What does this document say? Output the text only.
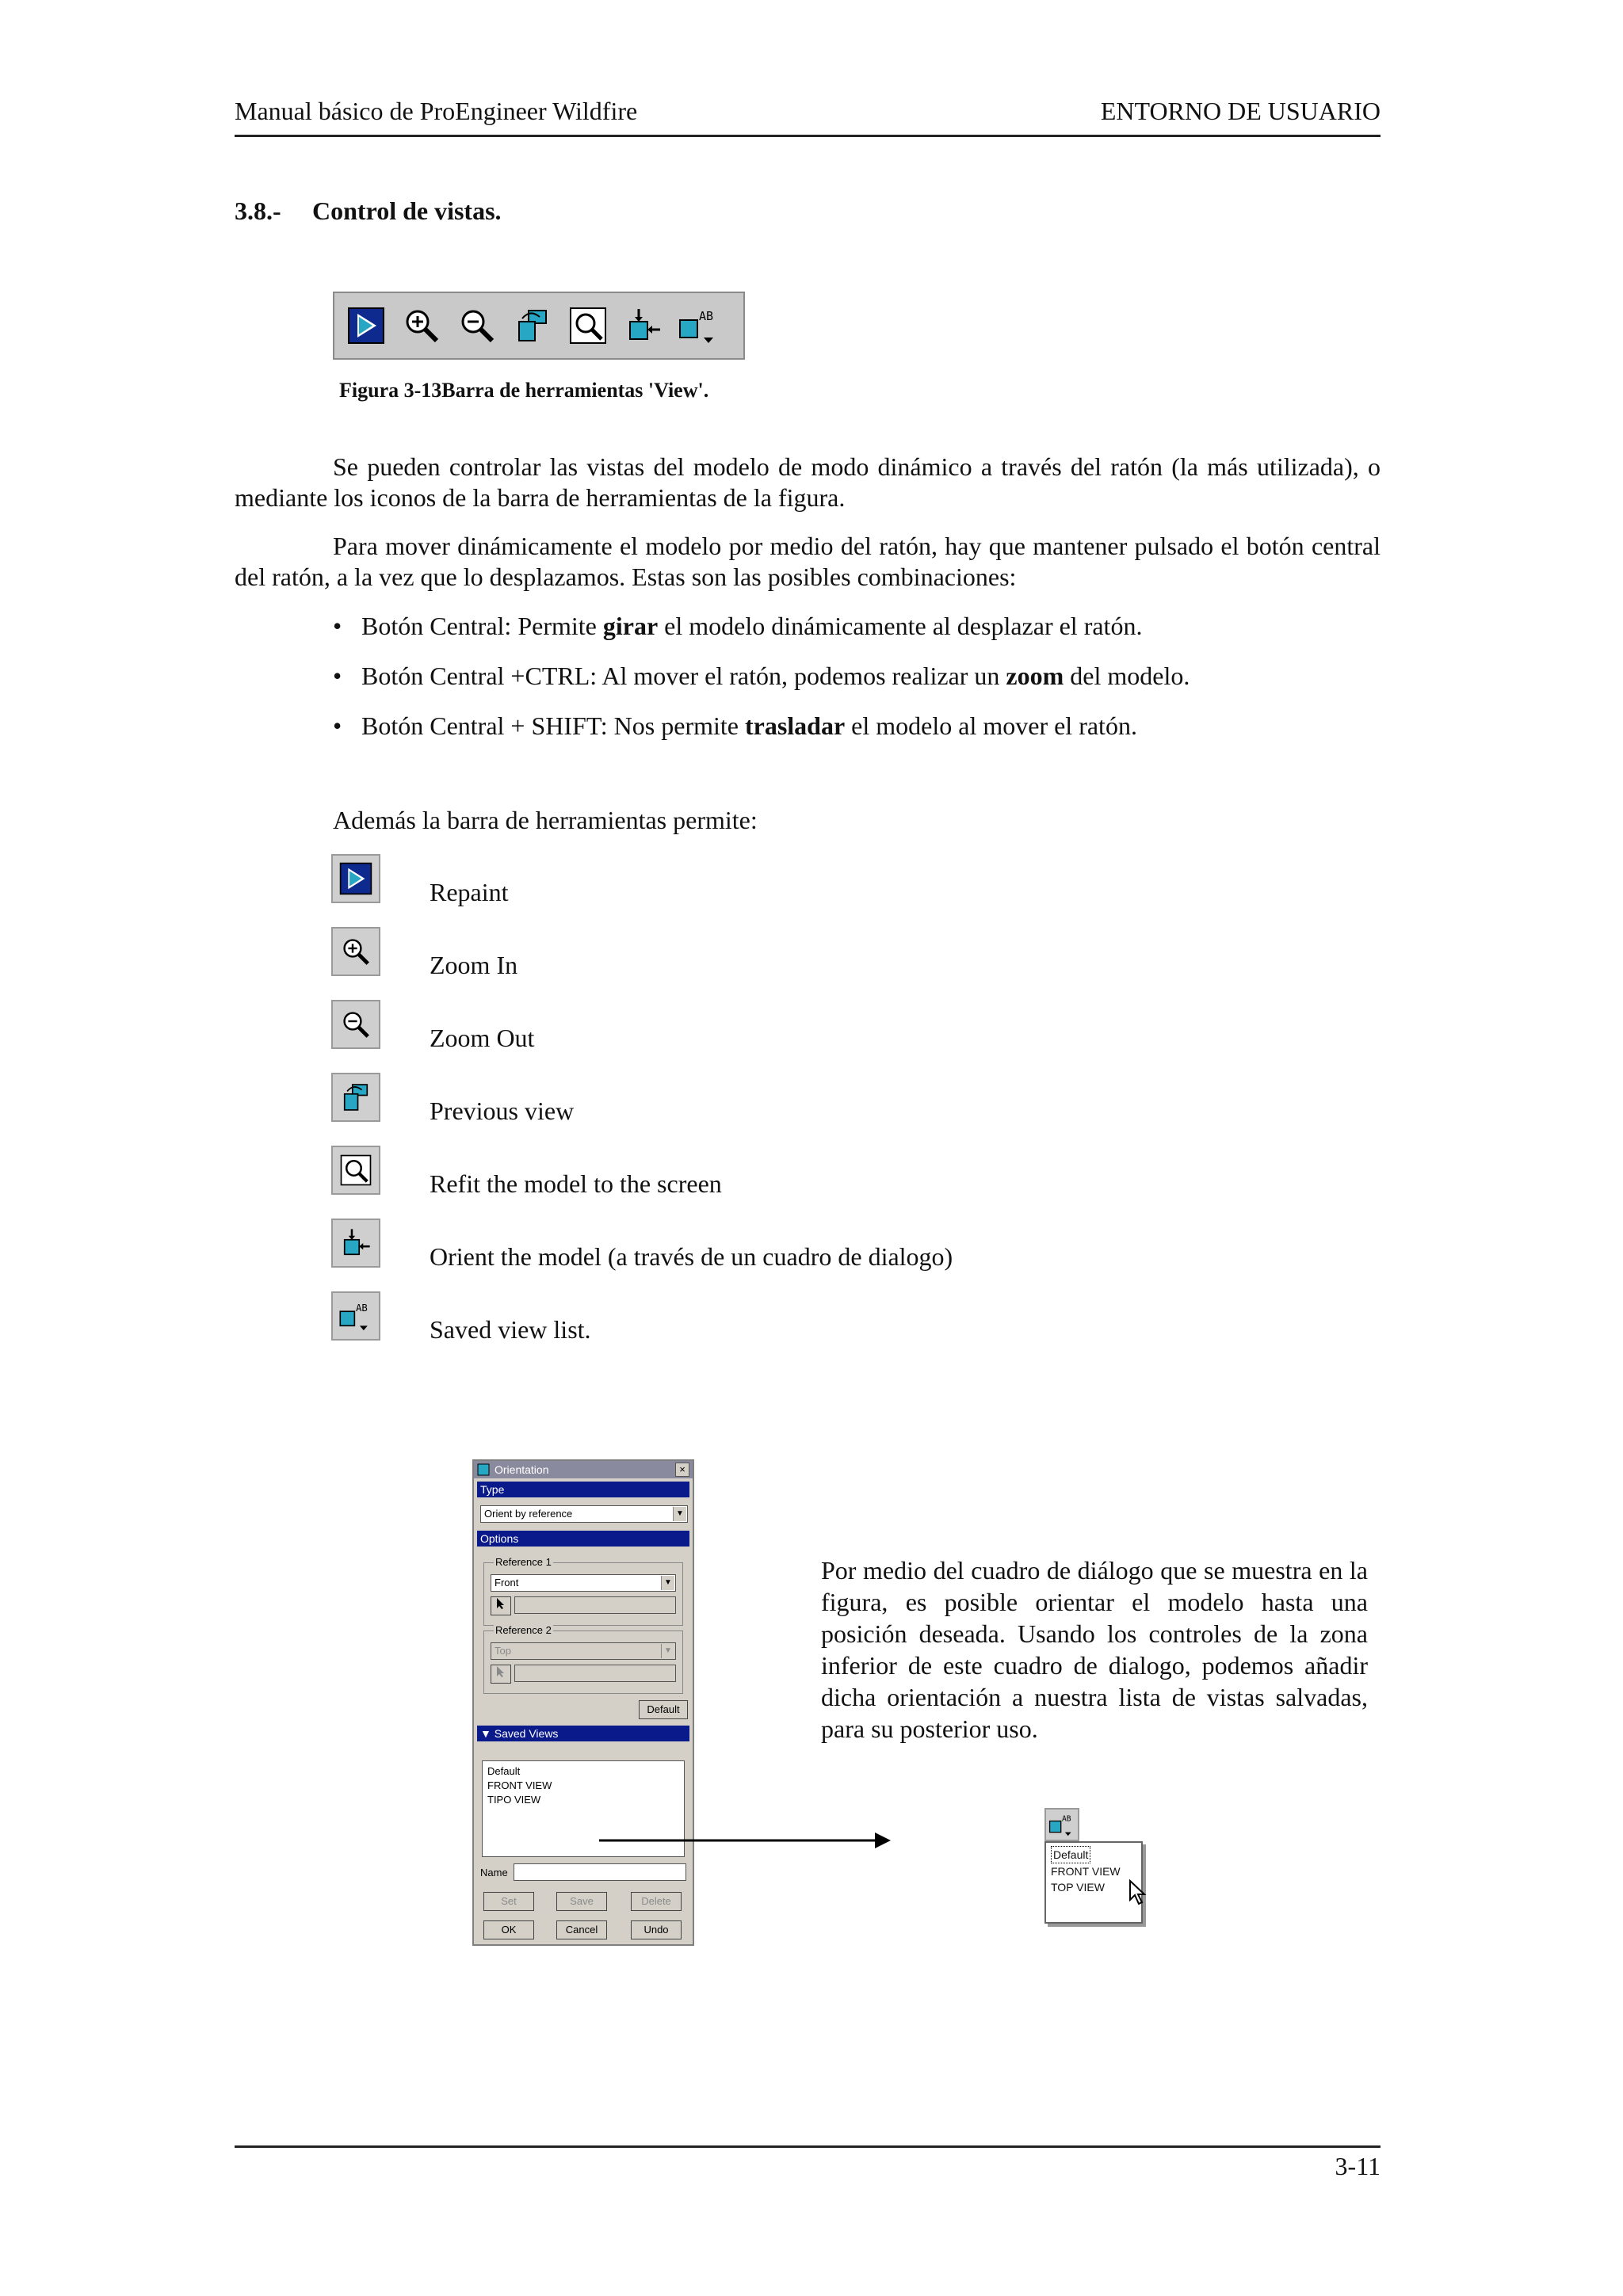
Manual básico de ProEngineer Wildfire	ENTORNO DE USUARIO
3.8.- Control de vistas.
AB
Figura 3-13Barra de herramientas 'View'.
Se pueden controlar las vistas del modelo de modo dinámico a través del ratón (la más utilizada), o mediante los iconos de la barra de herramientas de la figura.
Para mover dinámicamente el modelo por medio del ratón, hay que mantener pulsado el botón central del ratón, a la vez que lo desplazamos. Estas son las posibles combinaciones:
• Botón Central: Permite girar el modelo dinámicamente al desplazar el ratón.
• Botón Central +CTRL: Al mover el ratón, podemos realizar un zoom del modelo.
• Botón Central + SHIFT: Nos permite trasladar el modelo al mover el ratón.
Además la barra de herramientas permite:
Repaint
Zoom In
Zoom Out
Previous view
Refit the model to the screen
Orient the model (a través de un cuadro de dialogo)
AB
Saved view list.
Orientation	×
Type
Orient by reference	▼
Options
Reference 1
Front	▼
Reference 2
Top	▼
Default
▼ Saved Views
Default
FRONT VIEW
TIPO VIEW
Name
Set	Save	Delete
OK	Cancel	Undo
Por medio del cuadro de diálogo que se muestra en la figura, es posible orientar el modelo hasta una posición deseada. Usando los controles de la zona inferior de este cuadro de dialogo, podemos añadir dicha orientación a nuestra lista de vistas salvadas, para su posterior uso.
AB
Default
FRONT VIEW
TOP VIEW
3-11
